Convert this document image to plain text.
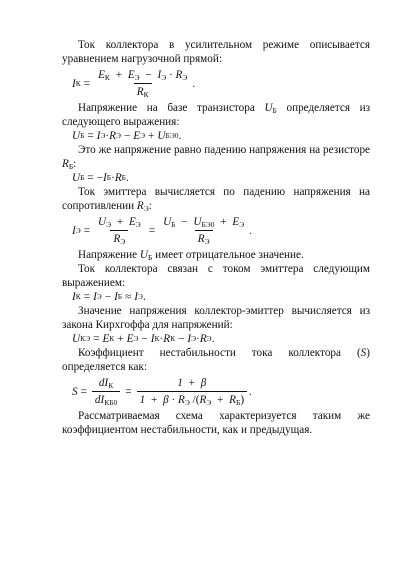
Ток коллектора в усилительном режиме описывается уравнением нагрузочной прямой:

I К =
$E_К + E_Э - I_Э \cdot R_Э$
$R_К$
.

Напряжение на базе транзистора $U_Б$ определяется из следующего выражения:

U Б = I Э · R Э − E Э + U БЭ0 .

Это же напряжение равно падению напряжения на резисторе $R_Б$:

U Б = − I Б · R Б .

Ток эмиттера вычисляется по падению напряжения на сопротивлении $R_Э$:

I $Э = \frac{U_Э + E_Э}{R_Э} = \frac{U_Б - U_{БЭ0} + E_Э}{R_Э}$ .

Напряжение $U_Б$ имеет отрицательное значение.

Ток коллектора связан с током эмиттера следующим выражением:

I К = I Э − I Б ≈ I Э .

Значение напряжения коллектор-эмиттер вычисляется из закона Кирхгоффа для напряжений:

U КЭ = E К + E Э − I К · R К − I Э · R Э .

Коэффициент нестабильности тока коллектора (S) определяется как:

$S = \frac{dI_К}{dI_{КБ0}}$ =
1 + β
$1 + \beta \cdot R_Э$ $/(R_Э + R_Б)$
.

Рассматриваемая схема характеризуется таким же коэффициентом нестабильности, как и предыдущая.
